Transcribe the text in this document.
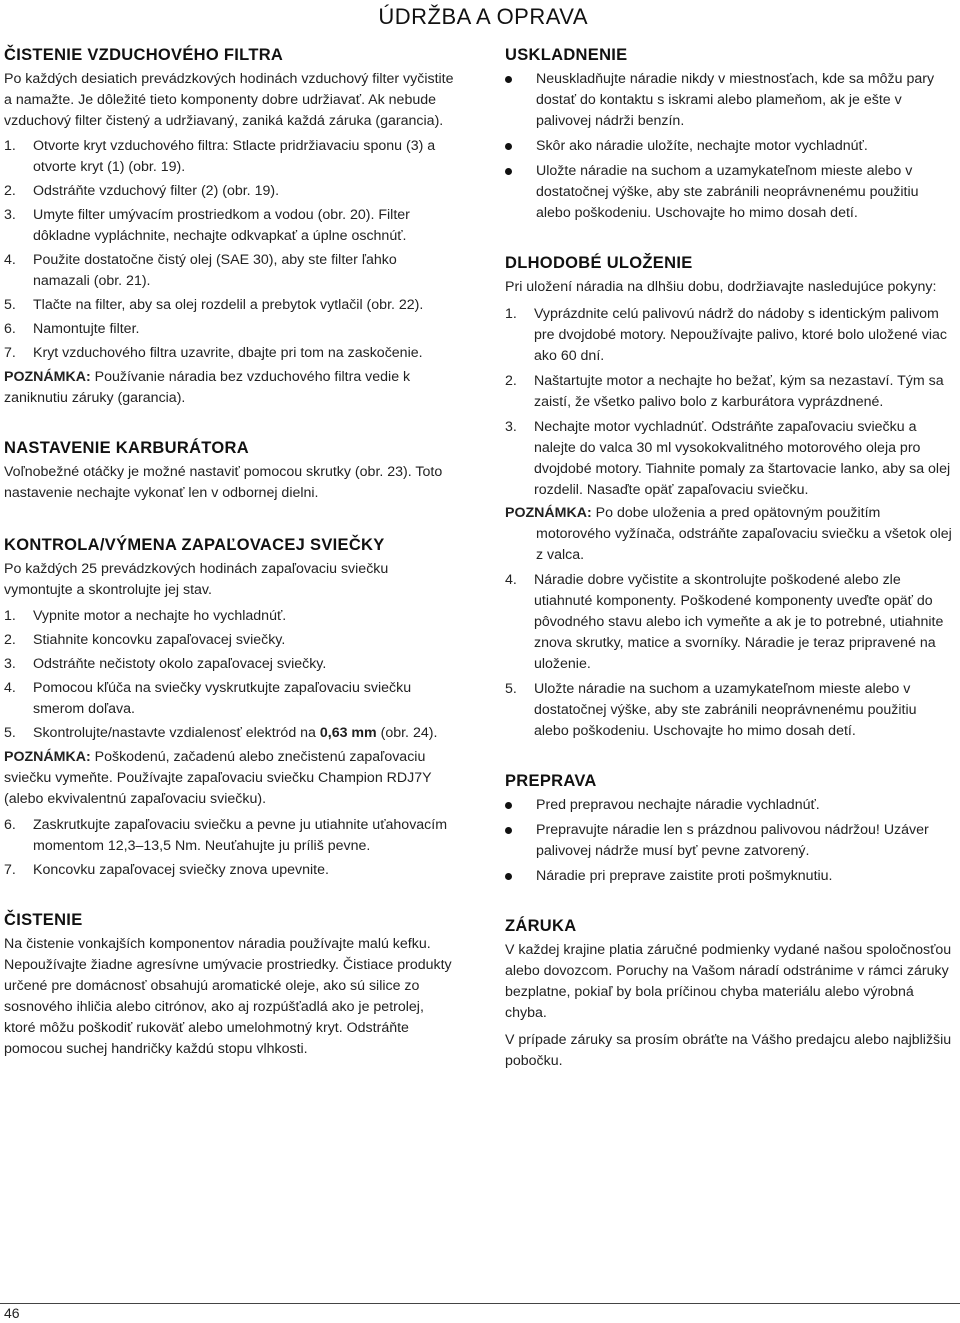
ÚDRŽBA A OPRAVA
ČISTENIE VZDUCHOVÉHO FILTRA

Po každých desiatich prevádzkových hodinách vzduchový filter vyčistite a namažte. Je dôležité tieto komponenty dobre udržiavať. Ak nebude vzduchový filter čistený a udržiavaný, zaniká každá záruka (garancia).

1. Otvorte kryt vzduchového filtra: Stlacte pridržiavaciu sponu (3) a otvorte kryt (1) (obr. 19).
2. Odstráňte vzduchový filter (2) (obr. 19).
3. Umyte filter umývacím prostriedkom a vodou (obr. 20). Filter dôkladne vypláchnite, nechajte odkvapkať a úplne oschnúť.
4. Použite dostatočne čistý olej (SAE 30), aby ste filter ľahko namazali (obr. 21).
5. Tlačte na filter, aby sa olej rozdelil a prebytok vytlačil (obr. 22).
6. Namontujte filter.
7. Kryt vzduchového filtra uzavrite, dbajte pri tom na zaskočenie.

POZNÁMKA: Používanie náradia bez vzduchového filtra vedie k zaniknutiu záruky (garancia).

NASTAVENIE KARBURÁTORA

Voľnobežné otáčky je možné nastaviť pomocou skrutky (obr. 23). Toto nastavenie nechajte vykonať len v odbornej dielni.

KONTROLA/VÝMENA ZAPAĽOVACEJ SVIEČKY

Po každých 25 prevádzkových hodinách zapaľovaciu sviečku vymontujte a skontrolujte jej stav.

1. Vypnite motor a nechajte ho vychladnúť.
2. Stiahnite koncovku zapaľovacej sviečky.
3. Odstráňte nečistoty okolo zapaľovacej sviečky.
4. Pomocou kľúča na sviečky vyskrutkujte zapaľovaciu sviečku smerom doľava.
5. Skontrolujte/nastavte vzdialenosť elektród na 0,63 mm (obr. 24).

POZNÁMKA: Poškodenú, začadenú alebo znečistenú zapaľovaciu sviečku vymeňte. Používajte zapaľovaciu sviečku Champion RDJ7Y (alebo ekvivalentnú zapaľovaciu sviečku).

6. Zaskrutkujte zapaľovaciu sviečku a pevne ju utiahnite uťahovacím momentom 12,3–13,5 Nm. Neuťahujte ju príliš pevne.
7. Koncovku zapaľovacej sviečky znova upevnite.
ČISTENIE

Na čistenie vonkajších komponentov náradia používajte malú kefku. Nepoužívajte žiadne agresívne umývacie prostriedky. Čistiace produkty určené pre domácnosť obsahujú aromatické oleje, ako sú silice zo sosnového ihličia alebo citrónov, ako aj rozpúšťadlá ako je petrolej, ktoré môžu poškodiť rukoväť alebo umelohmotný kryt. Odstráňte pomocou suchej handričky každú stopu vlhkosti.

USKLADNENIE
Neuskladňujte náradie nikdy v miestnosťach, kde sa môžu pary dostať do kontaktu s iskrami alebo plameňom, ak je ešte v palivovej nádrži benzín.
Skôr ako náradie uložíte, nechajte motor vychladnúť.
Uložte náradie na suchom a uzamykateľnom mieste alebo v dostatočnej výške, aby ste zabránili neoprávnenému použitiu alebo poškodeniu. Uschovajte ho mimo dosah detí.
DLHODOBÉ ULOŽENIE

Pri uložení náradia na dlhšiu dobu, dodržiavajte nasledujúce pokyny:

1. Vyprázdnite celú palivovú nádrž do nádoby s identickým palivom pre dvojdobé motory. Nepoužívajte palivo, ktoré bolo uložené viac ako 60 dní.
2. Naštartujte motor a nechajte ho bežať, kým sa nezastaví. Tým sa zaistí, že všetko palivo bolo z karburátora vyprázdnené.
3. Nechajte motor vychladnúť. Odstráňte zapaľovaciu sviečku a nalejte do valca 30 ml vysokokvalitného motorového oleja pro dvojdobé motory. Tiahnite pomaly za štartovacie lanko, aby sa olej rozdelil. Nasaďte opäť zapaľovaciu sviečku.

POZNÁMKA: Po dobe uloženia a pred opätovným použitím motorového vyžínača, odstráňte zapaľovaciu sviečku a všetok olej z valca.

4. Náradie dobre vyčistite a skontrolujte poškodené alebo zle utiahnuté komponenty. Poškodené komponenty uveďte opäť do pôvodného stavu alebo ich vymeňte a ak je to potrebné, utiahnite znova skrutky, matice a svorníky. Náradie je teraz pripravené na uloženie.
5. Uložte náradie na suchom a uzamykateľnom mieste alebo v dostatočnej výške, aby ste zabránili neoprávnenému použitiu alebo poškodeniu. Uschovajte ho mimo dosah detí.
PREPRAVA
Pred prepravou nechajte náradie vychladnúť.
Prepravujte náradie len s prázdnou palivovou nádržou! Uzáver palivovej nádrže musí byť pevne zatvorený.
Náradie pri preprave zaistite proti pošmyknutiu.
ZÁRUKA

V každej krajine platia záručné podmienky vydané našou spoločnosťou alebo dovozcom. Poruchy na Vašom náradí odstránime v rámci záruky bezplatne, pokiaľ by bola príčinou chyba materiálu alebo výrobná chyba.

V prípade záruky sa prosím obráťte na Vášho predajcu alebo najbližšiu pobočku.

46
